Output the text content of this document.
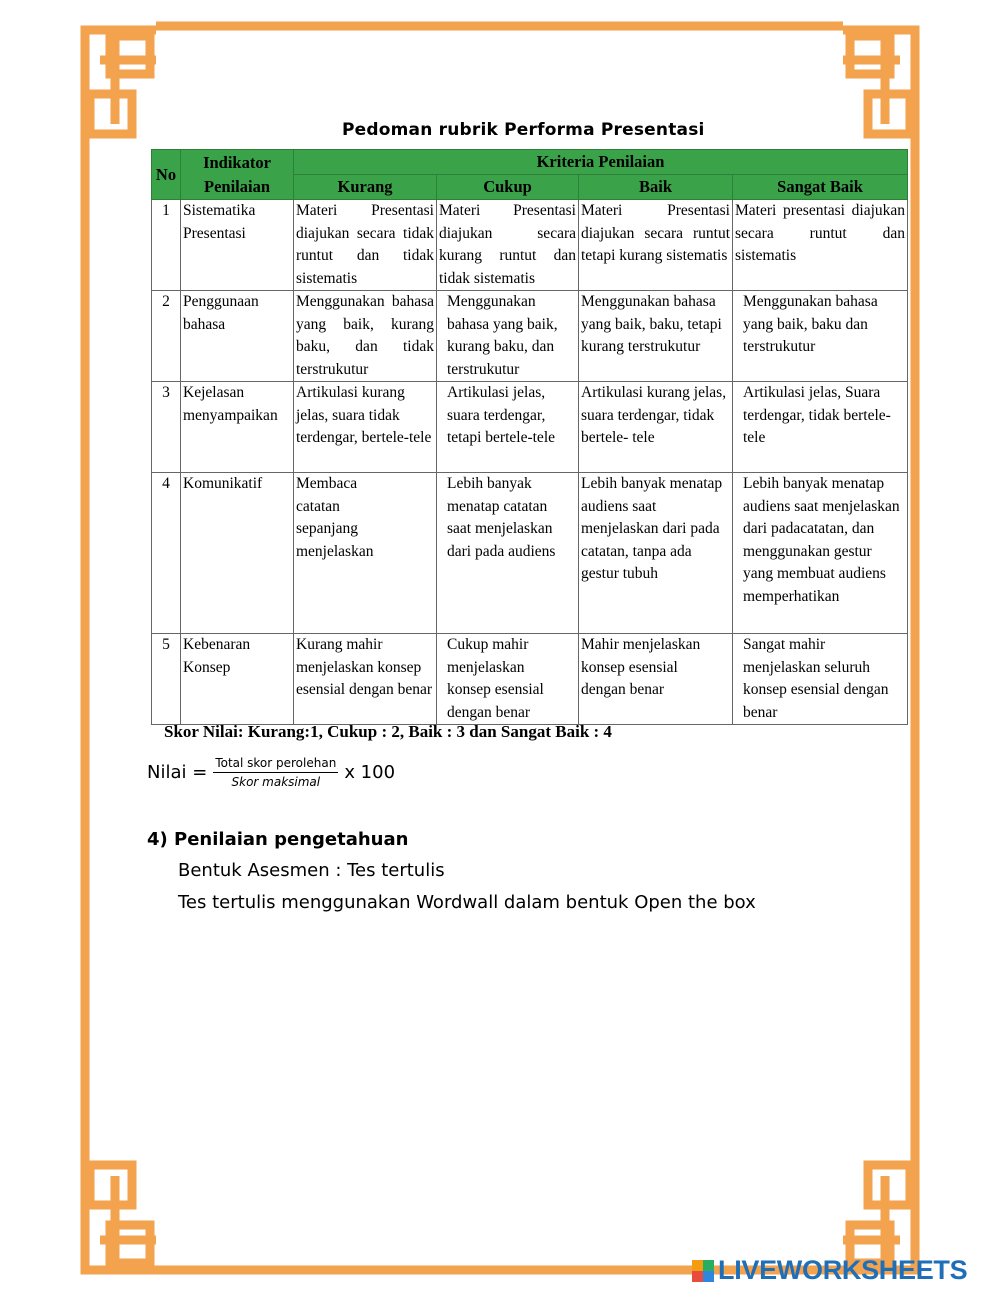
Pedoman rubrik Performa Presentasi
No	Indikator Penilaian	Kriteria Penilaian			
		Kurang	Cukup	Baik	Sangat Baik
1	Sistematika Presentasi	Materi Presentasi diajukan secara tidak runtut dan tidak sistematis	Materi Presentasi diajukan secara kurang runtut dan tidak sistematis	Materi Presentasi diajukan secara runtut tetapi kurang sistematis	Materi presentasi diajukan secara runtut dan sistematis
2	Penggunaan bahasa	Menggunakan bahasa yang baik, kurang baku, dan tidak terstrukutur	Menggunakan bahasa yang baik, kurang baku, dan terstrukutur	Menggunakan bahasa yang baik, baku, tetapi kurang terstrukutur	Menggunakan bahasa yang baik, baku dan terstrukutur
3	Kejelasan menyampaikan	Artikulasi kurang jelas, suara tidak terdengar, bertele-tele	Artikulasi jelas, suara terdengar, tetapi bertele-tele	Artikulasi kurang jelas, suara terdengar, tidak bertele- tele	Artikulasi jelas, Suara terdengar, tidak bertele-tele
4	Komunikatif	Membaca catatan sepanjang menjelaskan	Lebih banyak menatap catatan saat menjelaskan dari pada audiens	Lebih banyak menatap audiens saat menjelaskan dari pada catatan, tanpa ada gestur tubuh	Lebih banyak menatap audiens saat menjelaskan dari padacatatan, dan menggunakan gestur yang membuat audiens memperhatikan
5	Kebenaran Konsep	Kurang mahir menjelaskan konsep esensial dengan benar	Cukup mahir menjelaskan konsep esensial dengan benar	Mahir menjelaskan konsep esensial dengan benar	Sangat mahir menjelaskan seluruh konsep esensial dengan benar
Skor Nilai: Kurang:1, Cukup : 2, Baik : 3 dan Sangat Baik : 4
Nilai = $\frac{\text{Total skor perolehan}}{\text{Skor maksimal}}$ x 100
4) Penilaian pengetahuan
Bentuk Asesmen : Tes tertulis
Tes tertulis menggunakan Wordwall dalam bentuk Open the box
LIVEWORKSHEETS
